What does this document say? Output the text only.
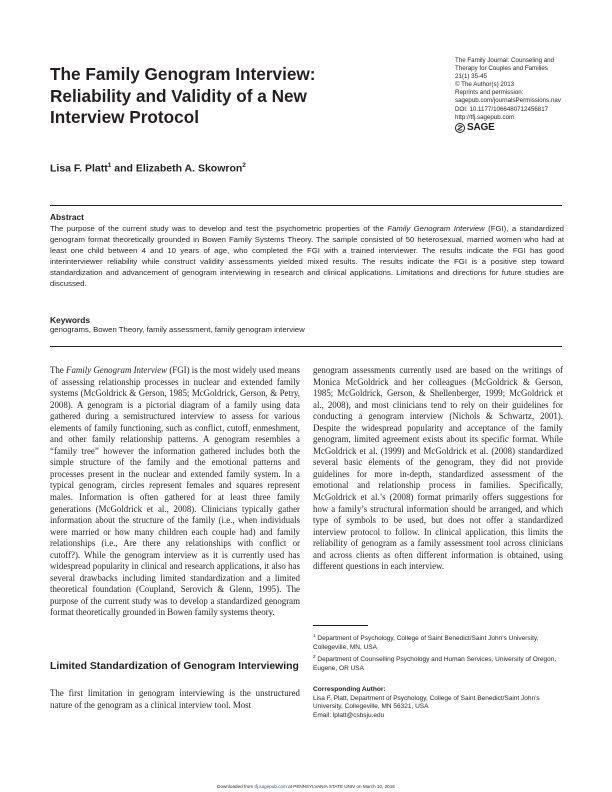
The Family Journal: Counseling and
Therapy for Couples and Families
21(1) 35-45
© The Author(s) 2013
Reprints and permission:
sagepub.com/journalsPermissions.nav
DOI: 10.1177/1066480712456817
http://tfj.sagepub.com
SAGE
The Family Genogram Interview: Reliability and Validity of a New Interview Protocol
Lisa F. Platt$^1$ and Elizabeth A. Skowron$^2$
Abstract
The purpose of the current study was to develop and test the psychometric properties of the Family Genogram Interview (FGI), a standardized genogram format theoretically grounded in Bowen Family Systems Theory. The sample consisted of 50 heterosexual, married women who had at least one child between 4 and 10 years of age, who completed the FGI with a trained interviewer. The results indicate the FGI has good interinterviewer reliability while construct validity assessments yielded mixed results. The results indicate the FGI is a positive step toward standardization and advancement of genogram interviewing in research and clinical applications. Limitations and directions for future studies are discussed.
Keywords
genograms, Bowen Theory, family assessment, family genogram interview
The Family Genogram Interview (FGI) is the most widely used means of assessing relationship processes in nuclear and extended family systems (McGoldrick & Gerson, 1985; McGoldrick, Gerson, & Petry, 2008). A genogram is a pictorial diagram of a family using data gathered during a semistructured interview to assess for various elements of family functioning, such as conflict, cutoff, enmeshment, and other family relationship patterns. A genogram resembles a “family tree” however the information gathered includes both the simple structure of the family and the emotional patterns and processes present in the nuclear and extended family system. In a typical genogram, circles represent females and squares represent males. Information is often gathered for at least three family generations (McGoldrick et al., 2008). Clinicians typically gather information about the structure of the family (i.e., when individuals were married or how many children each couple had) and family relationships (i.e., Are there any relationships with conflict or cutoff?). While the genogram interview as it is currently used has widespread popularity in clinical and research applications, it also has several drawbacks including limited standardization and a limited theoretical foundation (Coupland, Serovich & Glenn, 1995). The purpose of the current study was to develop a standardized genogram format theoretically grounded in Bowen family systems theory.
Limited Standardization of Genogram Interviewing
The first limitation in genogram interviewing is the unstructured nature of the genogram as a clinical interview tool. Most
genogram assessments currently used are based on the writings of Monica McGoldrick and her colleagues (McGoldrick & Gerson, 1985; McGoldrick, Gerson, & Shellenberger, 1999; McGoldrick et al., 2008), and most clinicians tend to rely on their guidelines for conducting a genogram interview (Nichols & Schwartz, 2001). Despite the widespread popularity and acceptance of the family genogram, limited agreement exists about its specific format. While McGoldrick et al. (1999) and McGoldrick et al. (2008) standardized several basic elements of the genogram, they did not provide guidelines for more in-depth, standardized assessment of the emotional and relationship process in families. Specifically, McGoldrick et al.’s (2008) format primarily offers suggestions for how a family’s structural information should be arranged, and which type of symbols to be used, but does not offer a standardized interview protocol to follow. In clinical application, this limits the reliability of genogram as a family assessment tool across clinicians and across clients as often different information is obtained, using different questions in each interview.
$^1$ Department of Psychology, College of Saint Benedict/Saint John’s University, Collegeville, MN, USA
$^2$ Department of Counselling Psychology and Human Services, University of Oregon, Eugene, OR USA
Corresponding Author:
Lisa F. Platt, Department of Psychology, College of Saint Benedict/Saint John’s
University, Collegeville, MN 56321, USA
Email: lplatt@csbsju.edu
Downloaded from tfj.sagepub.com at PENNSYLVANIA STATE UNIV on March 10, 2016
